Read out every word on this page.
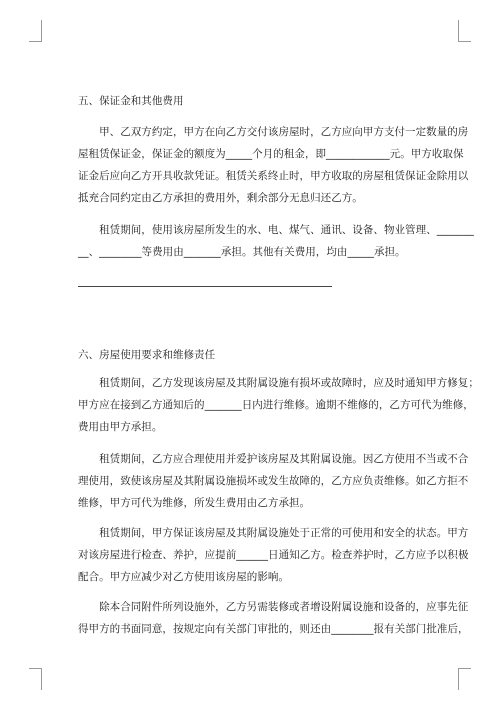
五、保证金和其他费用
　　甲、乙双方约定，甲方在向乙方交付该房屋时，乙方应向甲方支付一定数量的房
屋租赁保证金，保证金的额度为_____个月的租金，即____________元。甲方收取保
证金后应向乙方开具收款凭证。租赁关系终止时，甲方收取的房屋租赁保证金除用以
抵充合同约定由乙方承担的费用外，剩余部分无息归还乙方。
　　租赁期间，使用该房屋所发生的水、电、煤气、通讯、设备、物业管理、_______
__、________等费用由_______承担。其他有关费用，均由_____承担。
六、房屋使用要求和维修责任
　　租赁期间，乙方发现该房屋及其附属设施有损坏或故障时，应及时通知甲方修复；
甲方应在接到乙方通知后的_______日内进行维修。逾期不维修的，乙方可代为维修，
费用由甲方承担。
　　租赁期间，乙方应合理使用并爱护该房屋及其附属设施。因乙方使用不当或不合
理使用，致使该房屋及其附属设施损坏或发生故障的，乙方应负责维修。如乙方拒不
维修，甲方可代为维修，所发生费用由乙方承担。
　　租赁期间，甲方保证该房屋及其附属设施处于正常的可使用和安全的状态。甲方
对该房屋进行检查、养护，应提前______日通知乙方。检查养护时，乙方应予以积极
配合。甲方应减少对乙方使用该房屋的影响。
　　除本合同附件所列设施外，乙方另需装修或者增设附属设施和设备的，应事先征
得甲方的书面同意，按规定向有关部门审批的，则还由________报有关部门批准后，
